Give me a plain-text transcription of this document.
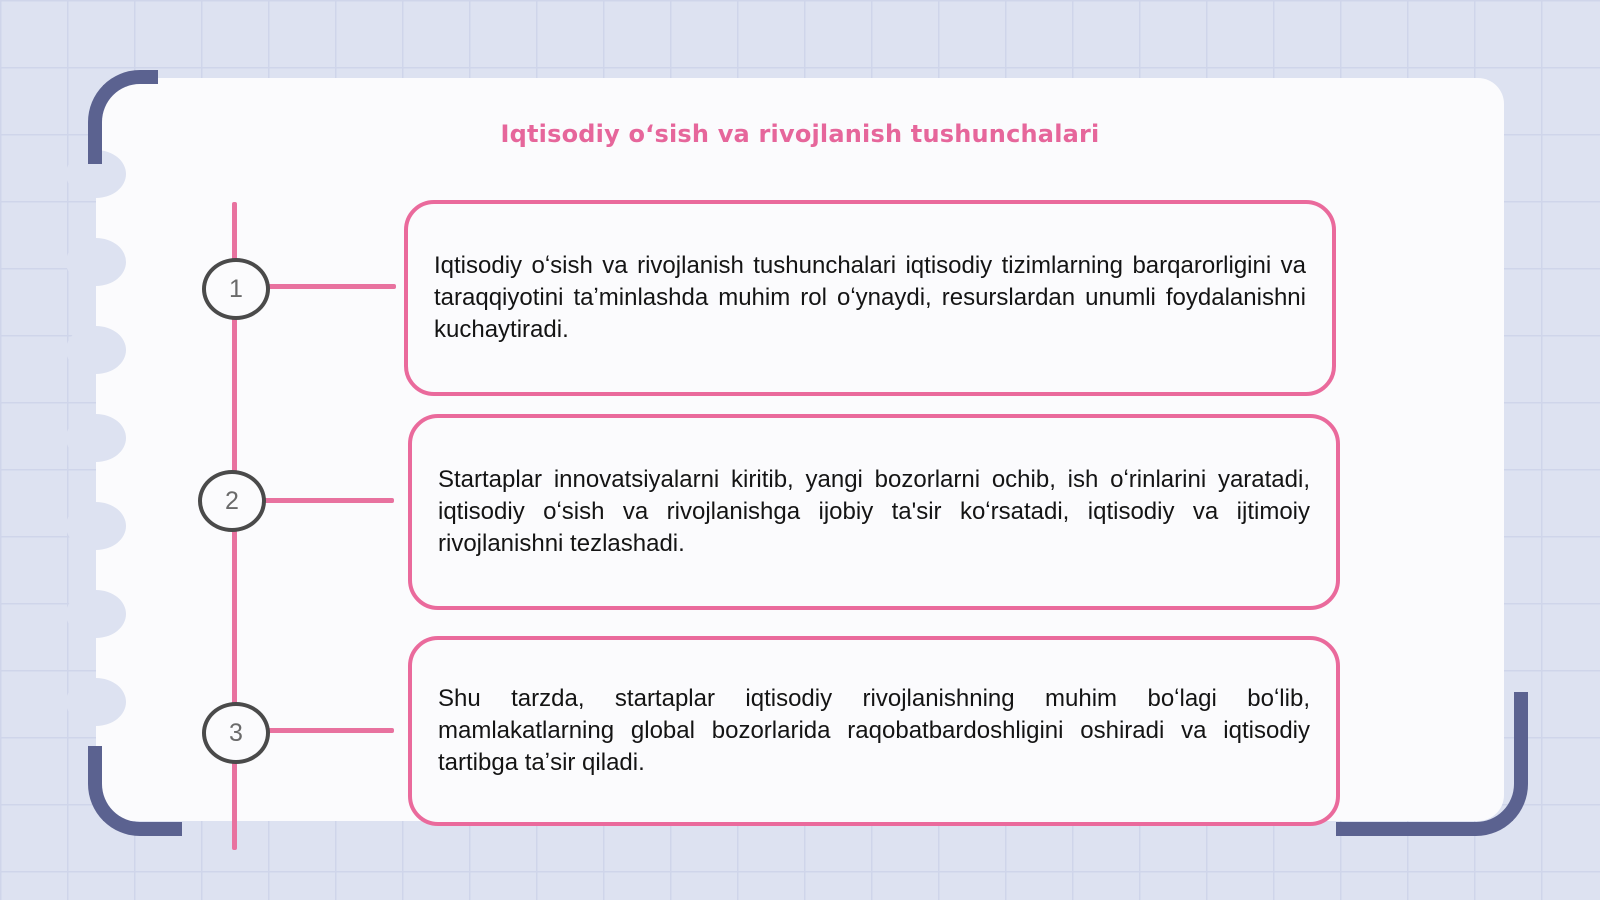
Iqtisodiy oʻsish va rivojlanish tushunchalari
1
Iqtisodiy oʻsish va rivojlanish tushunchalari iqtisodiy tizimlarning barqarorligini va taraqqiyotini taʼminlashda muhim rol oʻynaydi, resurslardan unumli foydalanishni kuchaytiradi.
2
Startaplar innovatsiyalarni kiritib, yangi bozorlarni ochib, ish oʻrinlarini yaratadi, iqtisodiy oʻsish va rivojlanishga ijobiy ta'sir koʻrsatadi, iqtisodiy va ijtimoiy rivojlanishni tezlashadi.
3
Shu tarzda, startaplar iqtisodiy rivojlanishning muhim boʻlagi boʻlib, mamlakatlarning global bozorlarida raqobatbardoshligini oshiradi va iqtisodiy tartibga taʼsir qiladi.
